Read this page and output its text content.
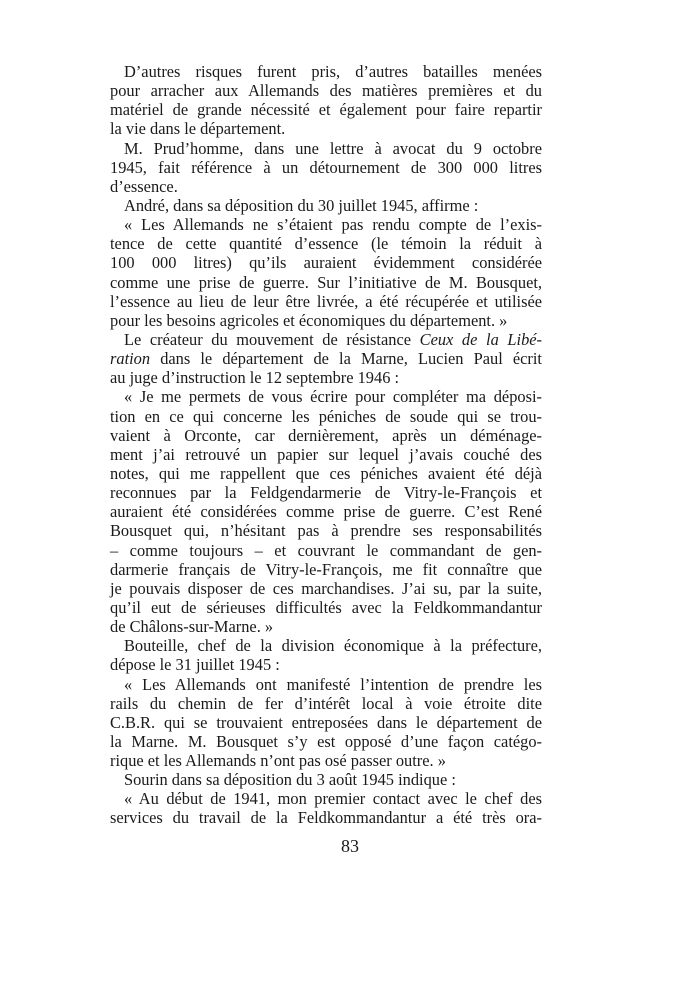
D’autres risques furent pris, d’autres batailles menées
pour arracher aux Allemands des matières premières et du
matériel de grande nécessité et également pour faire repartir
la vie dans le département.
M. Prud’homme, dans une lettre à avocat du 9 octobre
1945, fait référence à un détournement de 300 000 litres
d’essence.
André, dans sa déposition du 30 juillet 1945, affirme :
« Les Allemands ne s’étaient pas rendu compte de l’exis-
tence de cette quantité d’essence (le témoin la réduit à
100 000 litres) qu’ils auraient évidemment considérée
comme une prise de guerre. Sur l’initiative de M. Bousquet,
l’essence au lieu de leur être livrée, a été récupérée et utilisée
pour les besoins agricoles et économiques du département. »
Le créateur du mouvement de résistance Ceux de la Libé-
ration dans le département de la Marne, Lucien Paul écrit
au juge d’instruction le 12 septembre 1946 :
« Je me permets de vous écrire pour compléter ma déposi-
tion en ce qui concerne les péniches de soude qui se trou-
vaient à Orconte, car dernièrement, après un déménage-
ment j’ai retrouvé un papier sur lequel j’avais couché des
notes, qui me rappellent que ces péniches avaient été déjà
reconnues par la Feldgendarmerie de Vitry-le-François et
auraient été considérées comme prise de guerre. C’est René
Bousquet qui, n’hésitant pas à prendre ses responsabilités
– comme toujours – et couvrant le commandant de gen-
darmerie français de Vitry-le-François, me fit connaître que
je pouvais disposer de ces marchandises. J’ai su, par la suite,
qu’il eut de sérieuses difficultés avec la Feldkommandantur
de Châlons-sur-Marne. »
Bouteille, chef de la division économique à la préfecture,
dépose le 31 juillet 1945 :
« Les Allemands ont manifesté l’intention de prendre les
rails du chemin de fer d’intérêt local à voie étroite dite
C.B.R. qui se trouvaient entreposées dans le département de
la Marne. M. Bousquet s’y est opposé d’une façon catégo-
rique et les Allemands n’ont pas osé passer outre. »
Sourin dans sa déposition du 3 août 1945 indique :
« Au début de 1941, mon premier contact avec le chef des
services du travail de la Feldkommandantur a été très ora-
83
